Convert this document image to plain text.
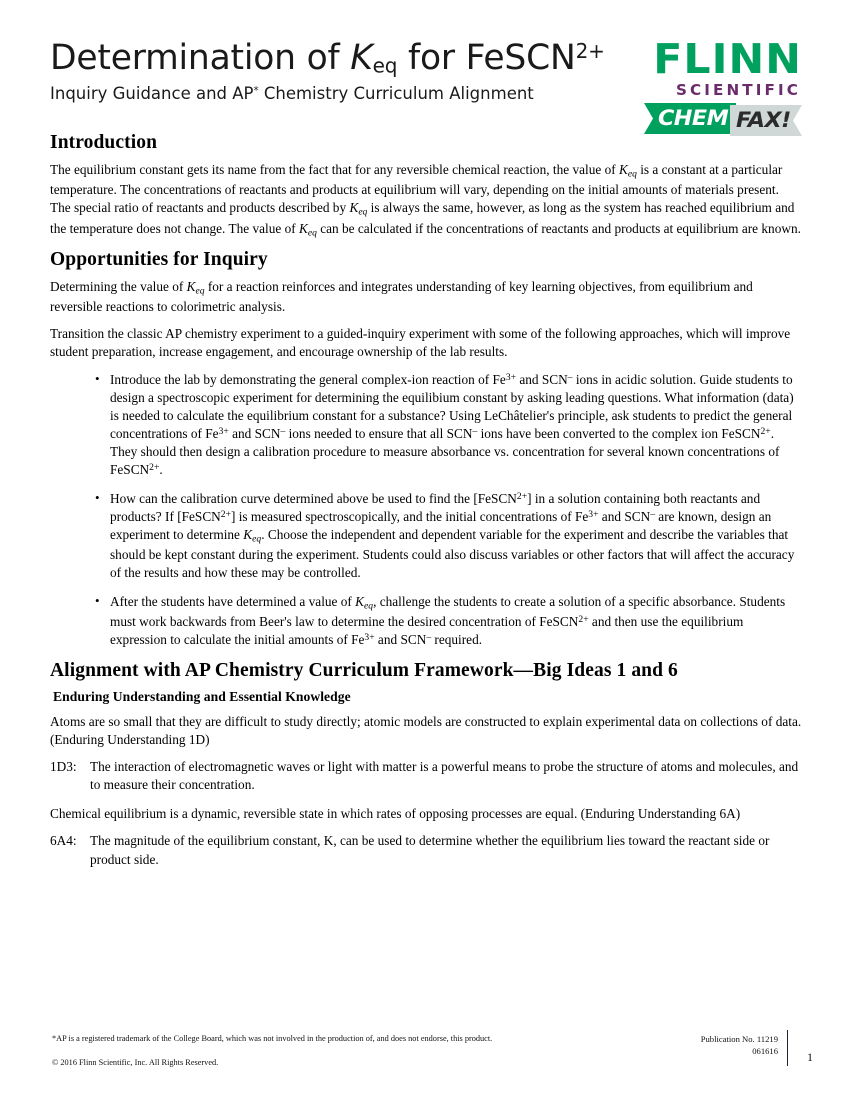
Determination of $K_{eq}$ for FeSCN$^{2+}$

Inquiry Guidance and AP* Chemistry Curriculum Alignment

FLINN
SCIENTIFIC
CHEM FAX!
Introduction

The equilibrium constant gets its name from the fact that for any reversible chemical reaction, the value of $K_{eq}$ is a constant at a particular temperature. The concentrations of reactants and products at equilibrium will vary, depending on the initial amounts of materials present. The special ratio of reactants and products described by $K_{eq}$ is always the same, however, as long as the system has reached equilibrium and the temperature does not change. The value of $K_{eq}$ can be calculated if the concentrations of reactants and products at equilibrium are known.

Opportunities for Inquiry

Determining the value of $K_{eq}$ for a reaction reinforces and integrates understanding of key learning objectives, from equilibrium and reversible reactions to colorimetric analysis.

Transition the classic AP chemistry experiment to a guided-inquiry experiment with some of the following approaches, which will improve student preparation, increase engagement, and encourage ownership of the lab results.

• Introduce the lab by demonstrating the general complex-ion reaction of $Fe^{3+}$ and SCN– ions in acidic solution. Guide students to design a spectroscopic experiment for determining the equilibium constant by asking leading questions. What information (data) is needed to calculate the equilibrium constant for a substance? Using LeChâtelier's principle, ask students to predict the general concentrations of $Fe^{3+}$ and SCN– ions needed to ensure that all SCN– ions have been converted to the complex ion FeSCN$^{2+}$. They should then design a calibration procedure to measure absorbance vs. concentration for several known concentrations of FeSCN$^{2+}$.
• How can the calibration curve determined above be used to find the [FeSCN$^{2+}$] in a solution containing both reactants and products? If [FeSCN$^{2+}$] is measured spectroscopically, and the initial concentrations of $Fe^{3+}$ and SCN– are known, design an experiment to determine $K_{eq}$. Choose the independent and dependent variable for the experiment and describe the variables that should be kept constant during the experiment. Students could also discuss variables or other factors that will affect the accuracy of the results and how these may be controlled.
• After the students have determined a value of $K_{eq}$, challenge the students to create a solution of a specific absorbance. Students must work backwards from Beer's law to determine the desired concentration of FeSCN$^{2+}$ and then use the equilibrium expression to calculate the initial amounts of $Fe^{3+}$ and SCN– required.
Alignment with AP Chemistry Curriculum Framework—Big Ideas 1 and 6
Enduring Understanding and Essential Knowledge

Atoms are so small that they are difficult to study directly; atomic models are constructed to explain experimental data on collections of data. (Enduring Understanding 1D)

1D3: The interaction of electromagnetic waves or light with matter is a powerful means to probe the structure of atoms and molecules, and to measure their concentration.

Chemical equilibrium is a dynamic, reversible state in which rates of opposing processes are equal. (Enduring Understanding 6A)

6A4: The magnitude of the equilibrium constant, K, can be used to determine whether the equilibrium lies toward the reactant side or product side.
*AP is a registered trademark of the College Board, which was not involved in the production of, and does not endorse, this product.
© 2016 Flinn Scientific, Inc. All Rights Reserved.
Publication No. 11219
061616 1
